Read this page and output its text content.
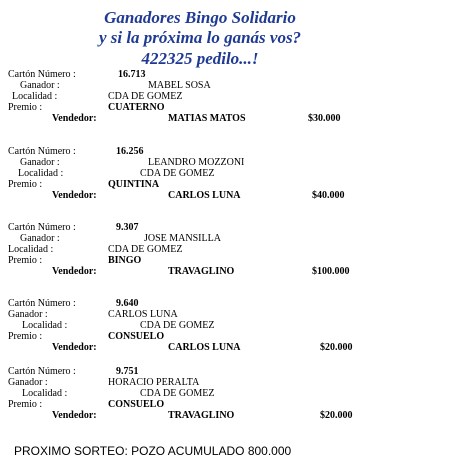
Ganadores Bingo Solidario
y si la próxima lo ganás vos?
422325 pedilo...!
Cartón Número :	16.713
Ganador :	MABEL SOSA
Localidad :	CDA DE GOMEZ
Premio :	CUATERNO
Vendedor:	MATIAS MATOS	$30.000
Cartón Número :	16.256
Ganador :	LEANDRO MOZZONI
Localidad :	CDA DE GOMEZ
Premio :	QUINTINA
Vendedor:	CARLOS LUNA	$40.000
Cartón Número :	9.307
Ganador :	JOSE MANSILLA
Localidad :	CDA DE GOMEZ
Premio :	BINGO
Vendedor:	TRAVAGLINO	$100.000
Cartón Número :	9.640
Ganador :	CARLOS LUNA
Localidad :	CDA DE GOMEZ
Premio :	CONSUELO
Vendedor:	CARLOS LUNA	$20.000
Cartón Número :	9.751
Ganador :	HORACIO PERALTA
Localidad :	CDA DE GOMEZ
Premio :	CONSUELO
Vendedor:	TRAVAGLINO	$20.000
PROXIMO SORTEO: POZO ACUMULADO 800.000
